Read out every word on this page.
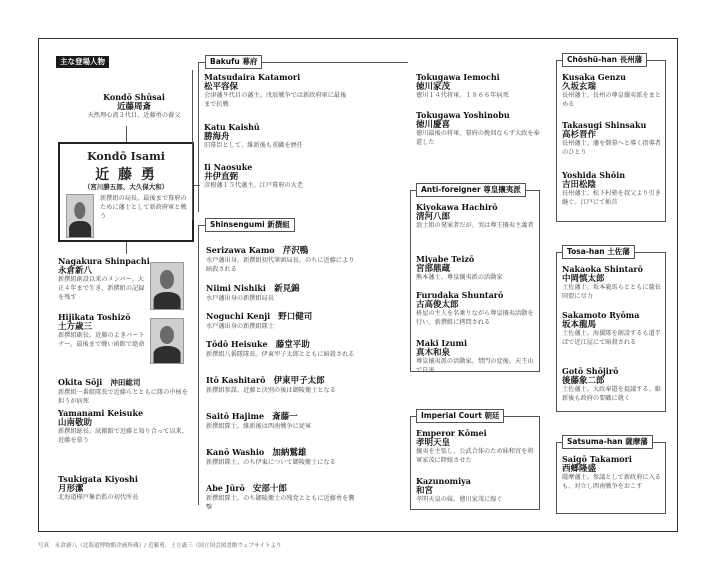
主な登場人物
Kondō Shūsai
近藤周斎
天然理心流３代目。近藤勇の養父
Kondō Isami
近 藤 勇
（宮川勝五郎、大久保大和）
新撰組の局長。最後まで幕府のために藩士として新政府軍と戦う
Nagakura Shinpachi
永倉新八
新撰組創設以来のメンバー。大正４年まで生き、新撰組の記録を残す
Hijikata Toshizō
土方歳三
新撰組副長。近藤のよきパートナー。最後まで戦い函館で絶命
Okita Sōji 沖田総司
新撰組一番組隊長で近藤らとともに隊の中核を担うが病死
Yamanami Keisuke
山南敬助
新撰組総長。試衛館で近藤と知り合って以来、近藤を慕う
Tsukigata Kiyoshi
月形潔
北海道樺戸集治監の初代所長
Bakufu 幕府
Matsudaira Katamori
松平容保
会津藩９代目の藩主。戊辰戦争では新政府軍に最後まで抗戦
Katu Kaishū
勝海舟
旧幕臣として、維新後も重職を歴任
Ii Naosuke
井伊直弼
彦根藩１５代藩主。江戸幕府の大老
Tokugawa Iemochi
徳川家茂
徳川１４代将軍。１８６６年病死
Tokugawa Yoshinobu
徳川慶喜
徳川最後の将軍。幕府の挽回ならず大政を奉還した
Shinsengumi 新撰組
Serizawa Kamo 芹沢鴨
水戸藩出身。新撰組初代筆頭局長。のちに近藤により暗殺される
Niimi Nishiki 新見錦
水戸藩出身の新撰組局長
Noguchi Kenji 野口健司
水戸藩出身の新撰組隊士
Tōdō Heisuke 藤堂平助
新撰組八番隊隊長。伊東甲子太郎とともに暗殺される
Itō Kashitarō 伊東甲子太郎
新撰組参謀。近藤と決別の後は御陵衛士となる
Saitō Hajime 斎藤一
新撰組隊士。維新後は西南戦争に従軍
Kanō Washio 加納鷲雄
新撰組隊士。のち伊東について御陵衛士になる
Abe Jūrō 安部十郎
新撰組隊士。のち御陵衛士の残党とともに近藤勇を襲撃
Anti-foreigner 尊皇攘夷派
Kiyokawa Hachirō
清河八郎
浪士組の発案者だが、実は尊王攘夷主義者
Miyabe Teizō
宮部鼎蔵
熊本藩士。尊皇攘夷派の活動家
Furudaka Shuntarō
古高俊太郎
枡屋の主人を名乗りながら尊皇攘夷活動を行い、新撰組に拷問される
Maki Izumi
真木和泉
尊皇攘夷派の活動家。禁門の変後、天王山で自害
Imperial Court 朝廷
Emperor Kōmei
孝明天皇
攘夷を主張し、公武合体のため妹和宮を将軍家茂に降嫁させた
Kazunomiya
和宮
孝明天皇の妹。徳川家茂に嫁ぐ
Chōshū-han 長州藩
Kusaka Genzu
久坂玄瑞
長州藩士。長州の尊皇攘夷派をまとめる
Takasugi Shinsaku
高杉晋作
長州藩士。藩を倒幕へと導く指導者のひとり
Yoshida Shōin
吉田松陰
長州藩士。松下村塾を叔父より引き継ぐ。江戸にて斬首
Tosa-han 土佐藩
Nakaoka Shintarō
中岡慎太郎
土佐藩士。坂本龍馬らとともに薩長同盟に尽力
Sakamoto Ryōma
坂本龍馬
土佐藩士。海援隊を創設するも道半ばで近江屋にて暗殺される
Gotō Shōjirō
後藤象二郎
土佐藩士。大政奉還を提議する。維新後も政府の要職に就く
Satsuma-han 薩摩藩
Saigō Takamori
西郷隆盛
薩摩藩士。参議として新政府に入るも、対立し西南戦争をおこす
写真　永倉新八（北海道博物館企画所蔵）/ 近藤勇、土方歳三（国立国会図書館ウェブサイトより
